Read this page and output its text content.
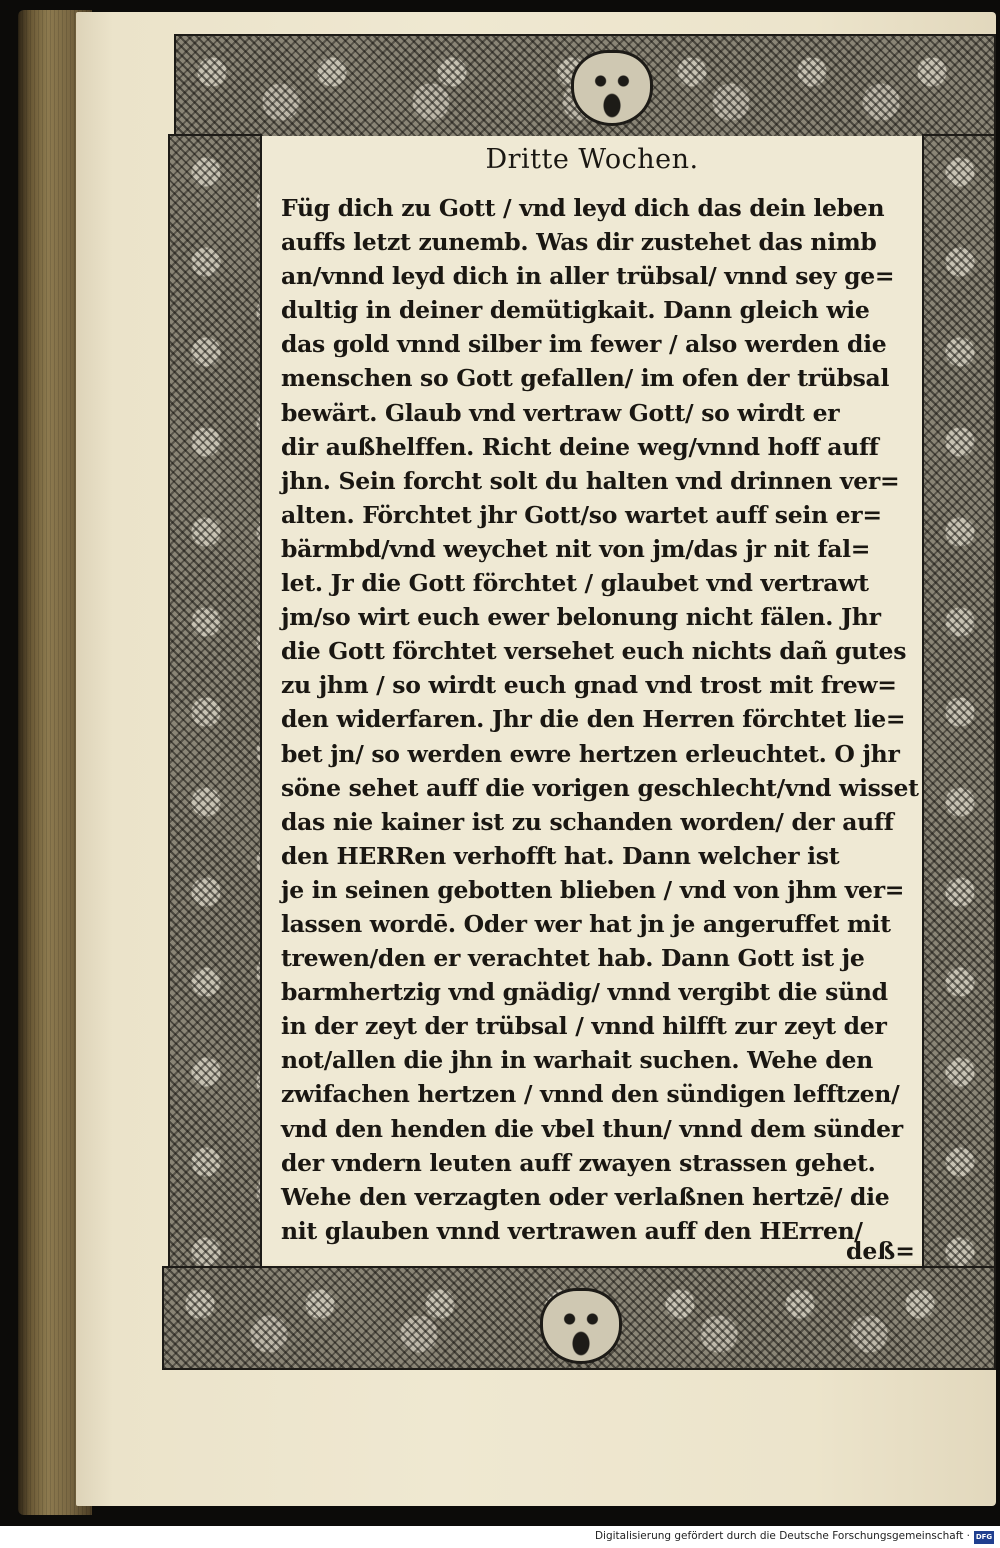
Dritte Wochen.
Füg dich zu Gott / vnd leyd dich das dein leben
auffs letzt zunemb. Was dir zustehet das nimb
an/vnnd leyd dich in aller trübsal/ vnnd sey ge=
dultig in deiner demütigkait. Dann gleich wie
das gold vnnd silber im fewer / also werden die
menschen so Gott gefallen/ im ofen der trübsal
bewärt. Glaub vnd vertraw Gott/ so wirdt er
dir außhelffen. Richt deine weg/vnnd hoff auff
jhn. Sein forcht solt du halten vnd drinnen ver=
alten. Förchtet jhr Gott/so wartet auff sein er=
bärmbd/vnd weychet nit von jm/das jr nit fal=
let. Jr die Gott förchtet / glaubet vnd vertrawt
jm/so wirt euch ewer belonung nicht fälen. Jhr
die Gott förchtet versehet euch nichts dañ gutes
zu jhm / so wirdt euch gnad vnd trost mit frew=
den widerfaren. Jhr die den Herren förchtet lie=
bet jn/ so werden ewre hertzen erleuchtet. O jhr
söne sehet auff die vorigen geschlecht/vnd wisset
das nie kainer ist zu schanden worden/ der auff
den HERRen verhofft hat. Dann welcher ist
je in seinen gebotten blieben / vnd von jhm ver=
lassen wordē. Oder wer hat jn je angeruffet mit
trewen/den er verachtet hab. Dann Gott ist je
barmhertzig vnd gnädig/ vnnd vergibt die sünd
in der zeyt der trübsal / vnnd hilfft zur zeyt der
not/allen die jhn in warhait suchen. Wehe den
zwifachen hertzen / vnnd den sündigen lefftzen/
vnd den henden die vbel thun/ vnnd dem sünder
der vndern leuten auff zwayen strassen gehet.
Wehe den verzagten oder verlaßnen hertzē/ die
nit glauben vnnd vertrawen auff den HErren/

deß=

Digitalisierung gefördert durch die Deutsche Forschungsgemeinschaft · DFG
